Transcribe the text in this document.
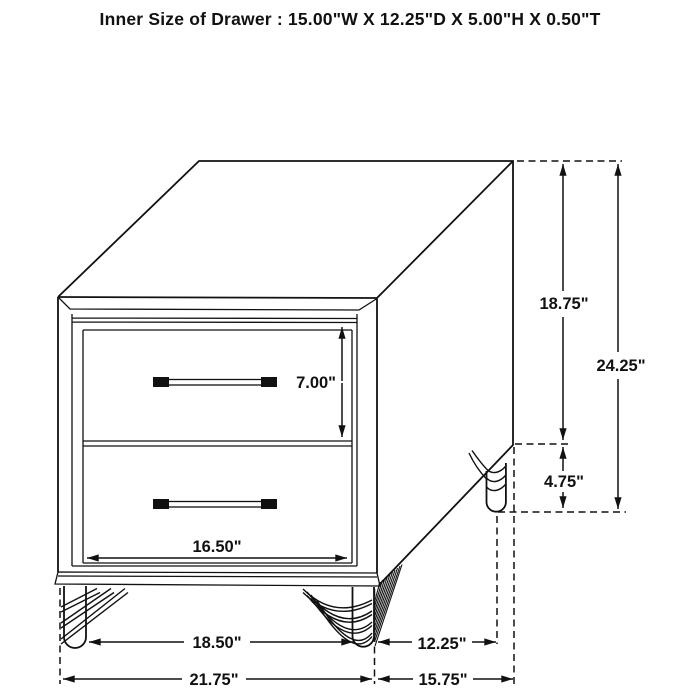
Inner Size of Drawer : 15.00"W X 12.25"D X 5.00"H X 0.50"T
7.00"
16.50"
18.75"
24.25"
4.75"
18.50"	12.25"
21.75"	15.75"
